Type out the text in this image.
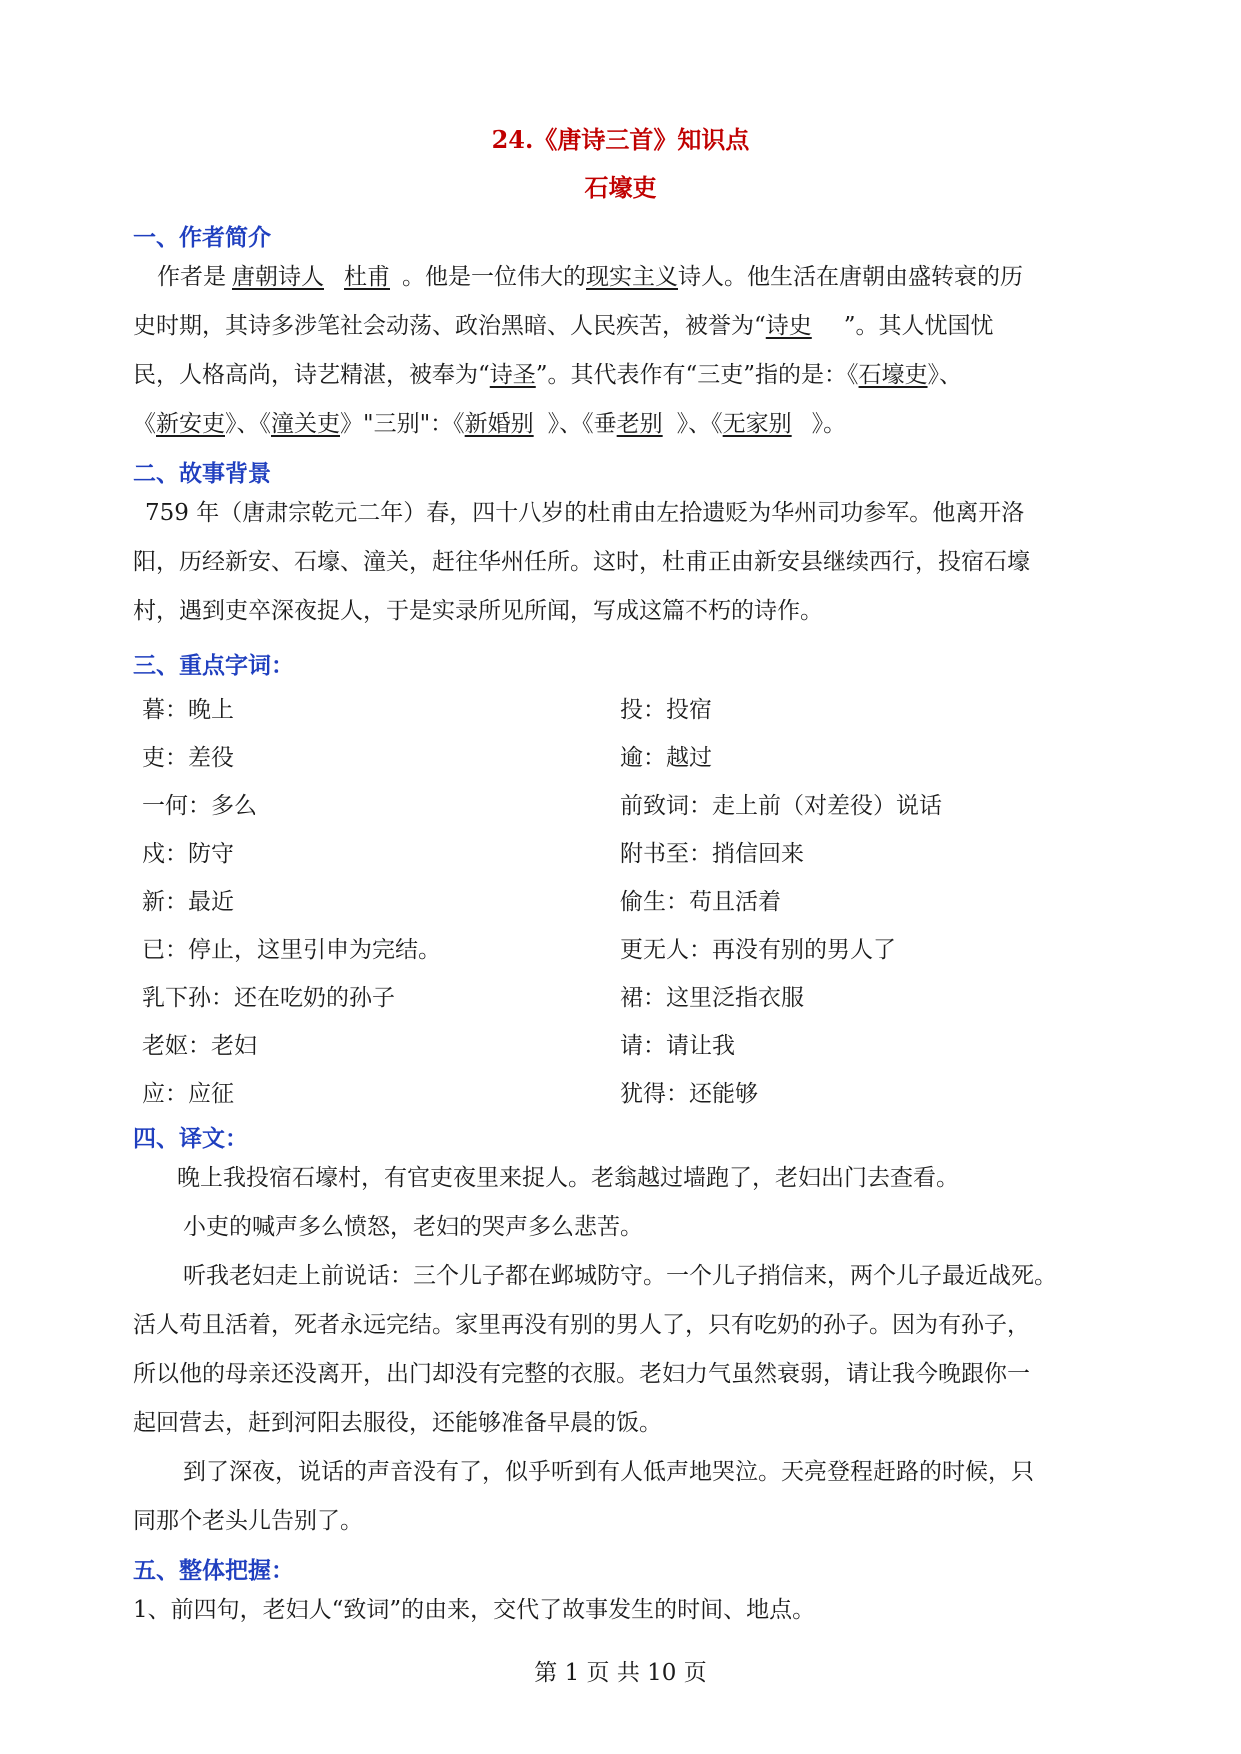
24.《唐诗三首》知识点
石壕吏
一、作者简介
作者是 唐朝诗人 杜甫 。他是一位伟大的现实主义诗人。他生活在唐朝由盛转衰的历
史时期，其诗多涉笔社会动荡、政治黑暗、人民疾苦，被誉为“诗史 ”。其人忧国忧
民，人格高尚，诗艺精湛，被奉为“诗圣”。其代表作有“三吏”指的是：《石壕吏》、
《新安吏》、《潼关吏》"三别"：《新婚别 》、《垂老别 》、《无家别 》。
二、故事背景
759 年（唐肃宗乾元二年）春，四十八岁的杜甫由左拾遗贬为华州司功参军。他离开洛
阳，历经新安、石壕、潼关，赶往华州任所。这时，杜甫正由新安县继续西行，投宿石壕
村，遇到吏卒深夜捉人，于是实录所见所闻，写成这篇不朽的诗作。
三、重点字词：
暮：晚上	投：投宿
吏：差役	逾：越过
一何：多么	前致词：走上前（对差役）说话
戍：防守	附书至：捎信回来
新：最近	偷生：苟且活着
已：停止，这里引申为完结。	更无人：再没有别的男人了
乳下孙：还在吃奶的孙子	裙：这里泛指衣服
老妪：老妇	请：请让我
应：应征	犹得：还能够
四、译文：
晚上我投宿石壕村，有官吏夜里来捉人。老翁越过墙跑了，老妇出门去查看。
小吏的喊声多么愤怒，老妇的哭声多么悲苦。
听我老妇走上前说话：三个儿子都在邺城防守。一个儿子捎信来，两个儿子最近战死。
活人苟且活着，死者永远完结。家里再没有别的男人了，只有吃奶的孙子。因为有孙子，
所以他的母亲还没离开，出门却没有完整的衣服。老妇力气虽然衰弱，请让我今晚跟你一
起回营去，赶到河阳去服役，还能够准备早晨的饭。
到了深夜，说话的声音没有了，似乎听到有人低声地哭泣。天亮登程赶路的时候，只
同那个老头儿告别了。
五、整体把握：
1、前四句，老妇人“致词”的由来，交代了故事发生的时间、地点。
第 1 页 共 10 页
